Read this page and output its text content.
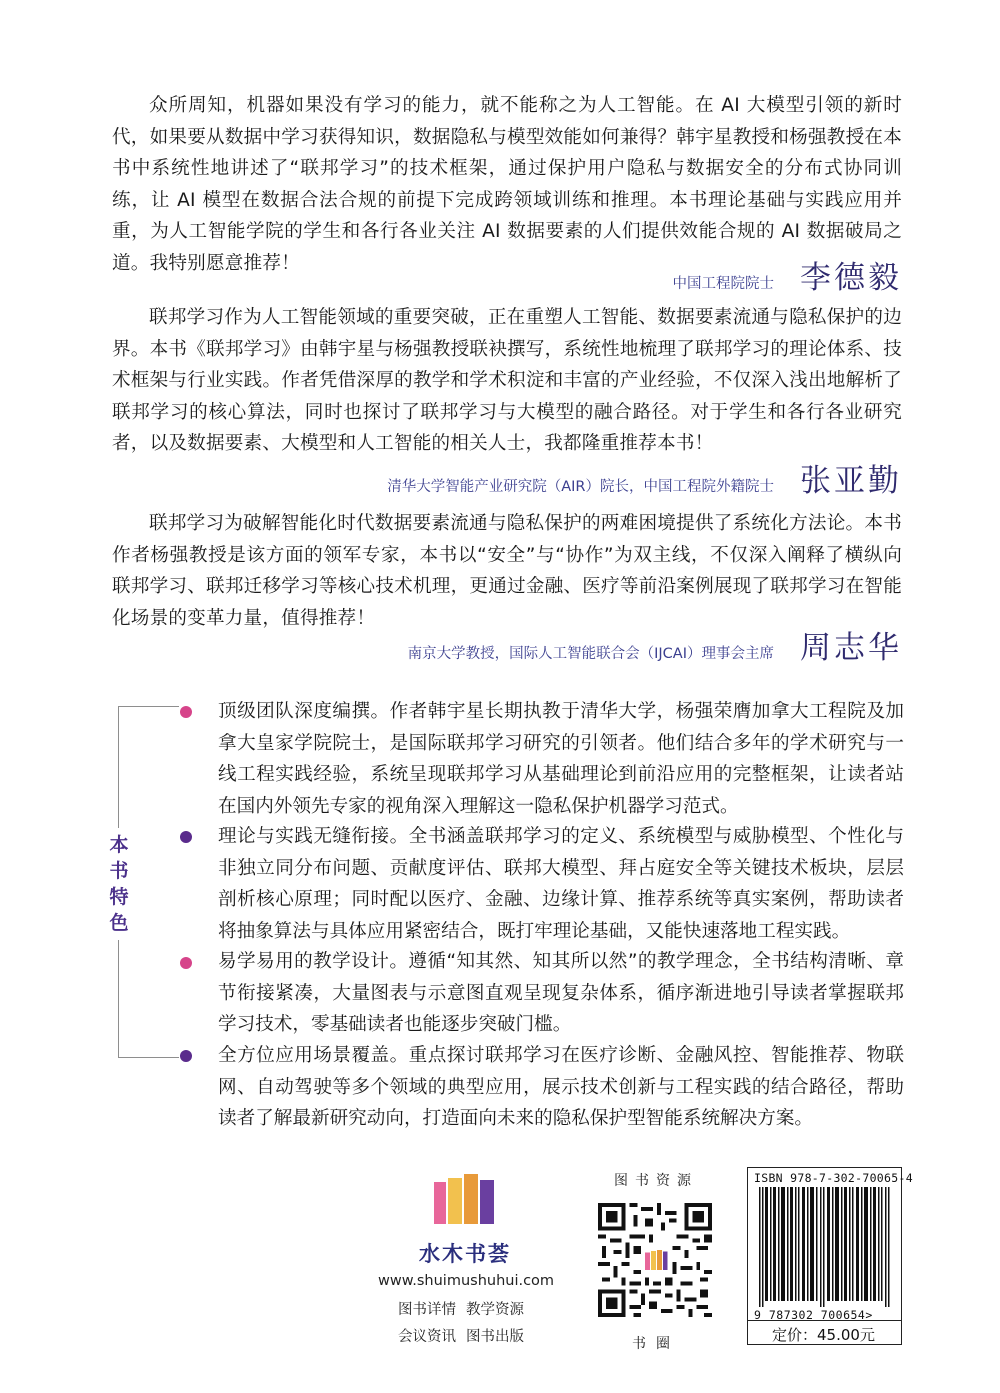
众所周知，机器如果没有学习的能力，就不能称之为人工智能。在 AI 大模型引领的新时代，如果要从数据中学习获得知识，数据隐私与模型效能如何兼得？韩宇星教授和杨强教授在本书中系统性地讲述了“联邦学习”的技术框架，通过保护用户隐私与数据安全的分布式协同训练，让 AI 模型在数据合法合规的前提下完成跨领域训练和推理。本书理论基础与实践应用并重，为人工智能学院的学生和各行各业关注 AI 数据要素的人们提供效能合规的 AI 数据破局之道。我特别愿意推荐！

中国工程院院士 李德毅

联邦学习作为人工智能领域的重要突破，正在重塑人工智能、数据要素流通与隐私保护的边界。本书《联邦学习》由韩宇星与杨强教授联袂撰写，系统性地梳理了联邦学习的理论体系、技术框架与行业实践。作者凭借深厚的教学和学术积淀和丰富的产业经验，不仅深入浅出地解析了联邦学习的核心算法，同时也探讨了联邦学习与大模型的融合路径。对于学生和各行各业研究者，以及数据要素、大模型和人工智能的相关人士，我都隆重推荐本书！

清华大学智能产业研究院（AIR）院长，中国工程院外籍院士 张亚勤

联邦学习为破解智能化时代数据要素流通与隐私保护的两难困境提供了系统化方法论。本书作者杨强教授是该方面的领军专家，本书以“安全”与“协作”为双主线，不仅深入阐释了横纵向联邦学习、联邦迁移学习等核心技术机理，更通过金融、医疗等前沿案例展现了联邦学习在智能化场景的变革力量，值得推荐！

南京大学教授，国际人工智能联合会（IJCAI）理事会主席 周志华
本书特色

顶级团队深度编撰。作者韩宇星长期执教于清华大学，杨强荣膺加拿大工程院及加拿大皇家学院院士，是国际联邦学习研究的引领者。他们结合多年的学术研究与一线工程实践经验，系统呈现联邦学习从基础理论到前沿应用的完整框架，让读者站在国内外领先专家的视角深入理解这一隐私保护机器学习范式。

理论与实践无缝衔接。全书涵盖联邦学习的定义、系统模型与威胁模型、个性化与非独立同分布问题、贡献度评估、联邦大模型、拜占庭安全等关键技术板块，层层剖析核心原理；同时配以医疗、金融、边缘计算、推荐系统等真实案例，帮助读者将抽象算法与具体应用紧密结合，既打牢理论基础，又能快速落地工程实践。

易学易用的教学设计。遵循“知其然、知其所以然”的教学理念，全书结构清晰、章节衔接紧凑，大量图表与示意图直观呈现复杂体系，循序渐进地引导读者掌握联邦学习技术，零基础读者也能逐步突破门槛。

全方位应用场景覆盖。重点探讨联邦学习在医疗诊断、金融风控、智能推荐、物联网、自动驾驶等多个领域的典型应用，展示技术创新与工程实践的结合路径，帮助读者了解最新研究动向，打造面向未来的隐私保护型智能系统解决方案。

水木书荟
www.shuimushuhui.com
图书详情 教学资源
会议资讯 图书出版
图书资源
书圈
ISBN 978-7-302-70065-4
9 787302 700654>
定价：45.00元
